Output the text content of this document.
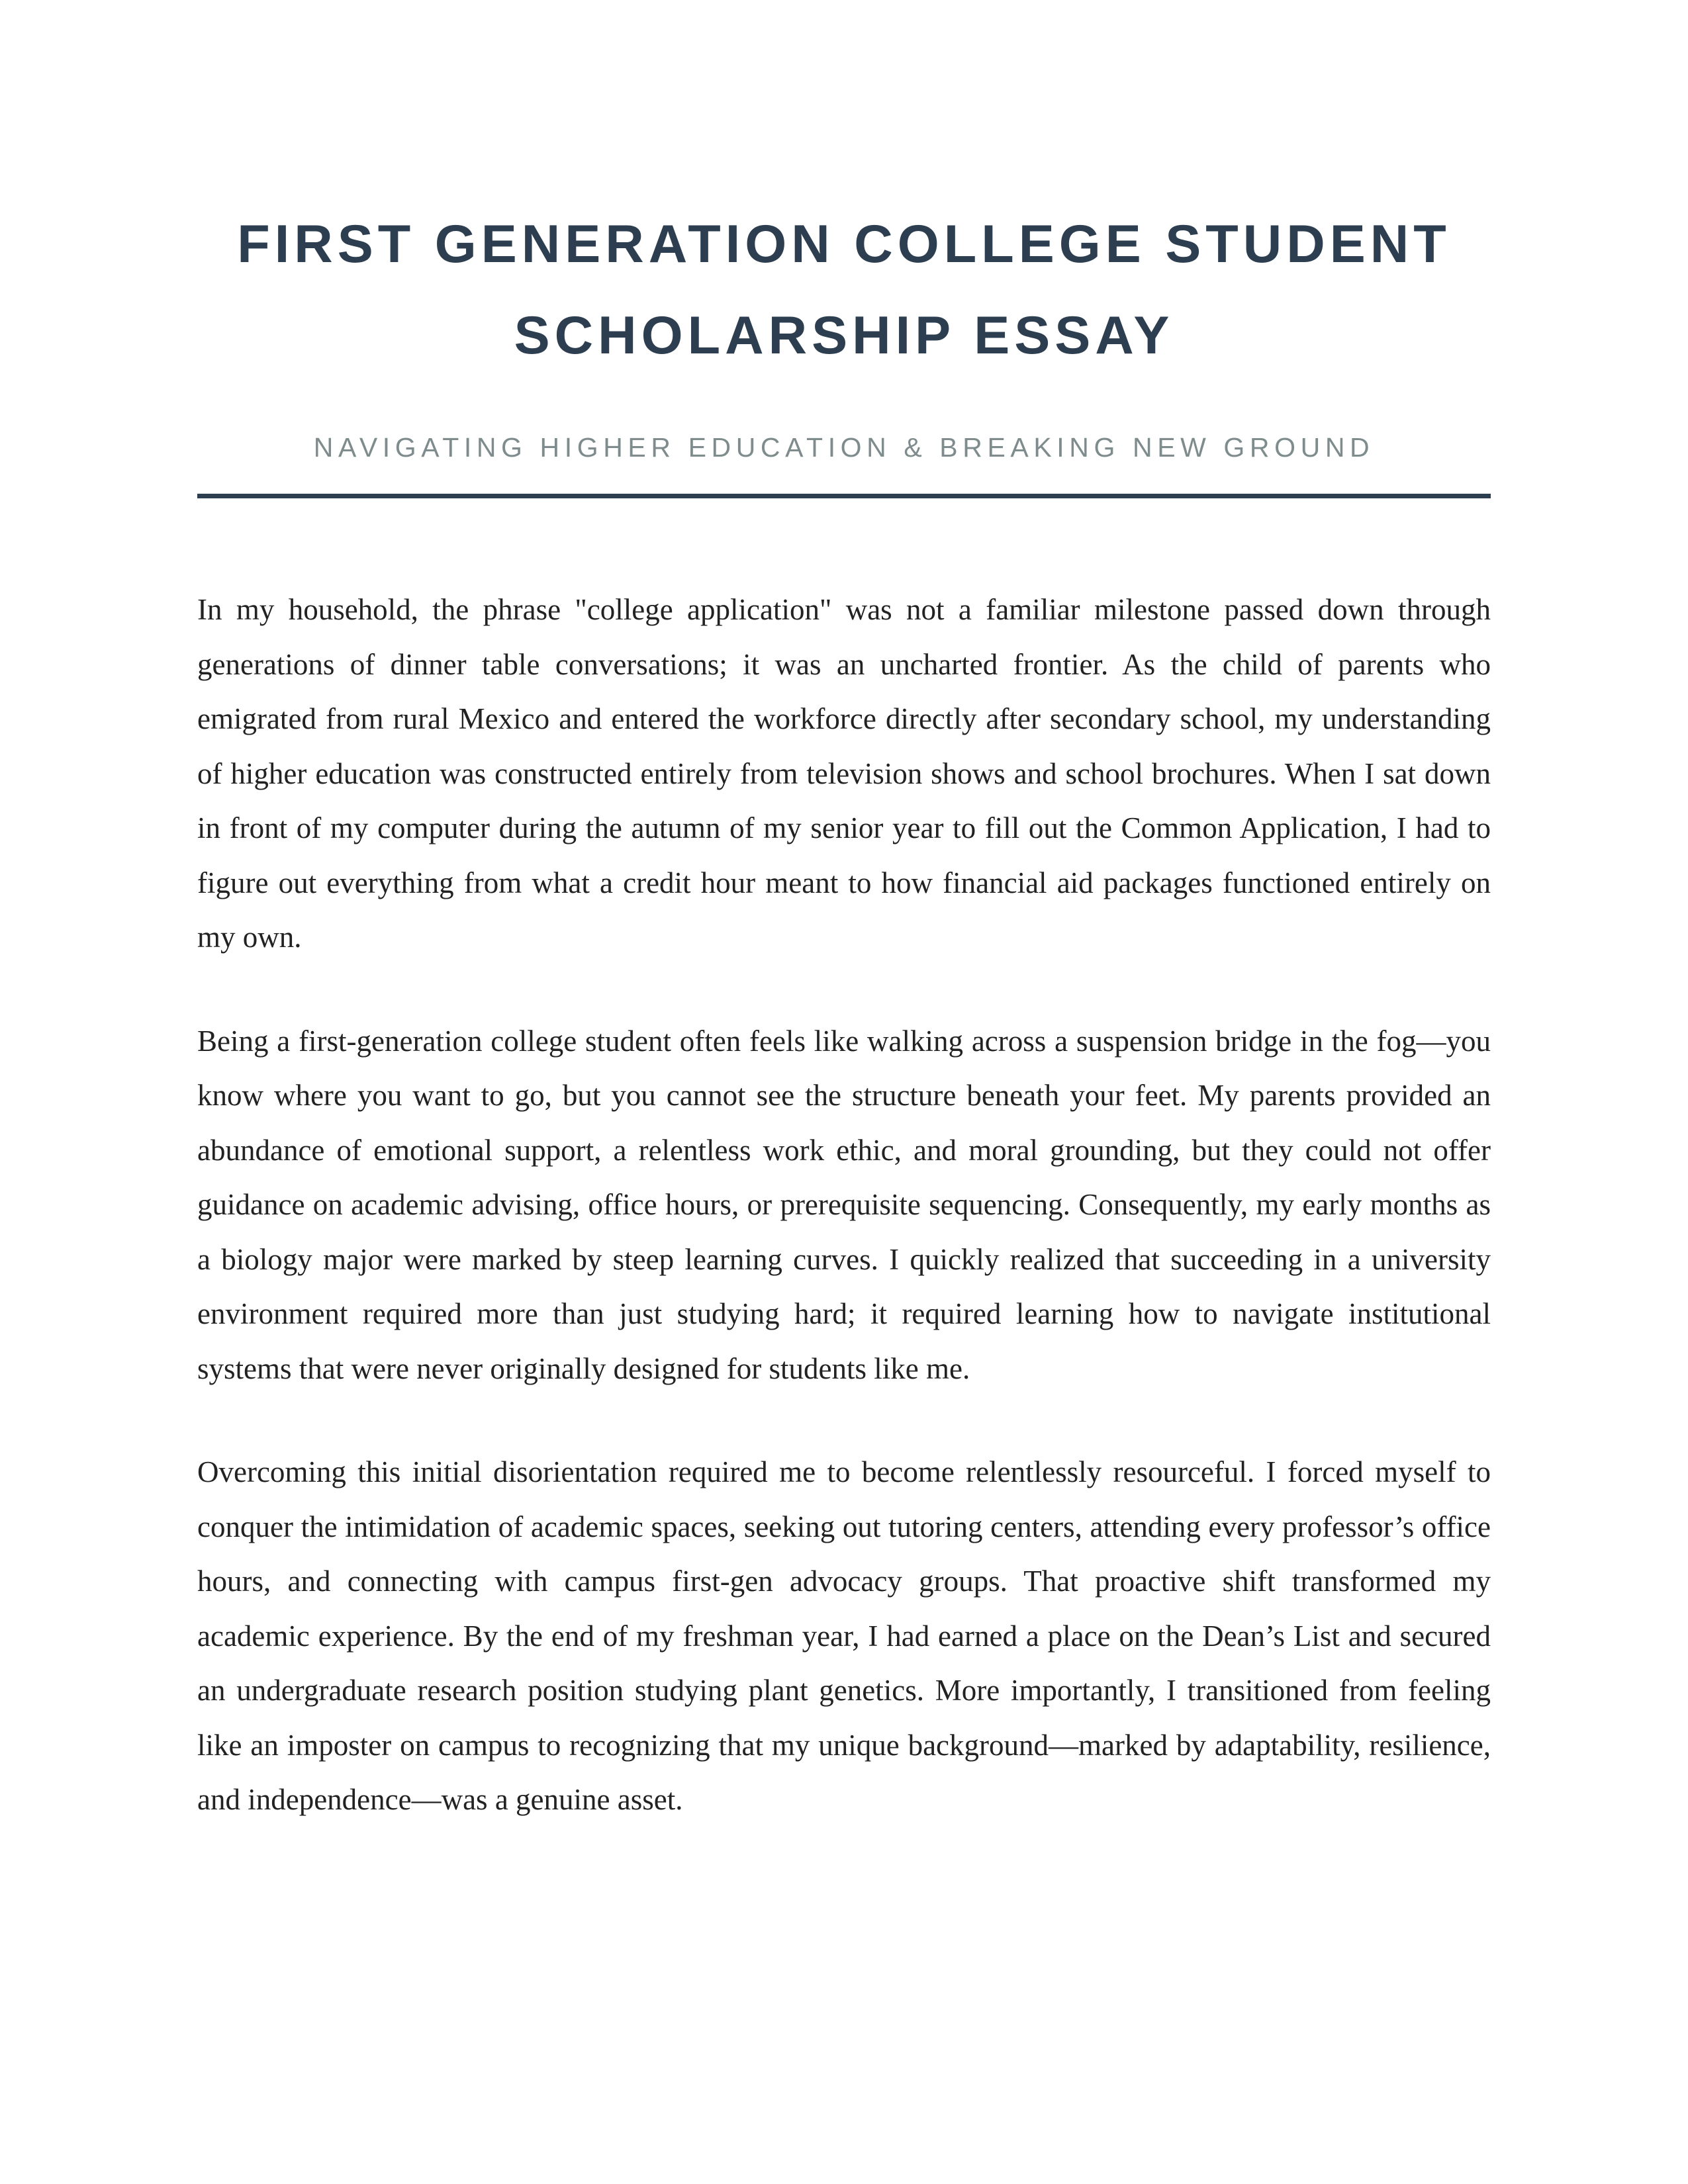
FIRST GENERATION COLLEGE STUDENT
SCHOLARSHIP ESSAY

NAVIGATING HIGHER EDUCATION & BREAKING NEW GROUND

In my household, the phrase "college application" was not a familiar milestone passed down through generations of dinner table conversations; it was an uncharted frontier. As the child of parents who emigrated from rural Mexico and entered the workforce directly after secondary school, my understanding of higher education was constructed entirely from television shows and school brochures. When I sat down in front of my computer during the autumn of my senior year to fill out the Common Application, I had to figure out everything from what a credit hour meant to how financial aid packages functioned entirely on my own.

Being a first-generation college student often feels like walking across a suspension bridge in the fog—you know where you want to go, but you cannot see the structure beneath your feet. My parents provided an abundance of emotional support, a relentless work ethic, and moral grounding, but they could not offer guidance on academic advising, office hours, or prerequisite sequencing. Consequently, my early months as a biology major were marked by steep learning curves. I quickly realized that succeeding in a university environment required more than just studying hard; it required learning how to navigate institutional systems that were never originally designed for students like me.

Overcoming this initial disorientation required me to become relentlessly resourceful. I forced myself to conquer the intimidation of academic spaces, seeking out tutoring centers, attending every professor’s office hours, and connecting with campus first-gen advocacy groups. That proactive shift transformed my academic experience. By the end of my freshman year, I had earned a place on the Dean’s List and secured an undergraduate research position studying plant genetics. More importantly, I transitioned from feeling like an imposter on campus to recognizing that my unique background—marked by adaptability, resilience, and independence—was a genuine asset.
